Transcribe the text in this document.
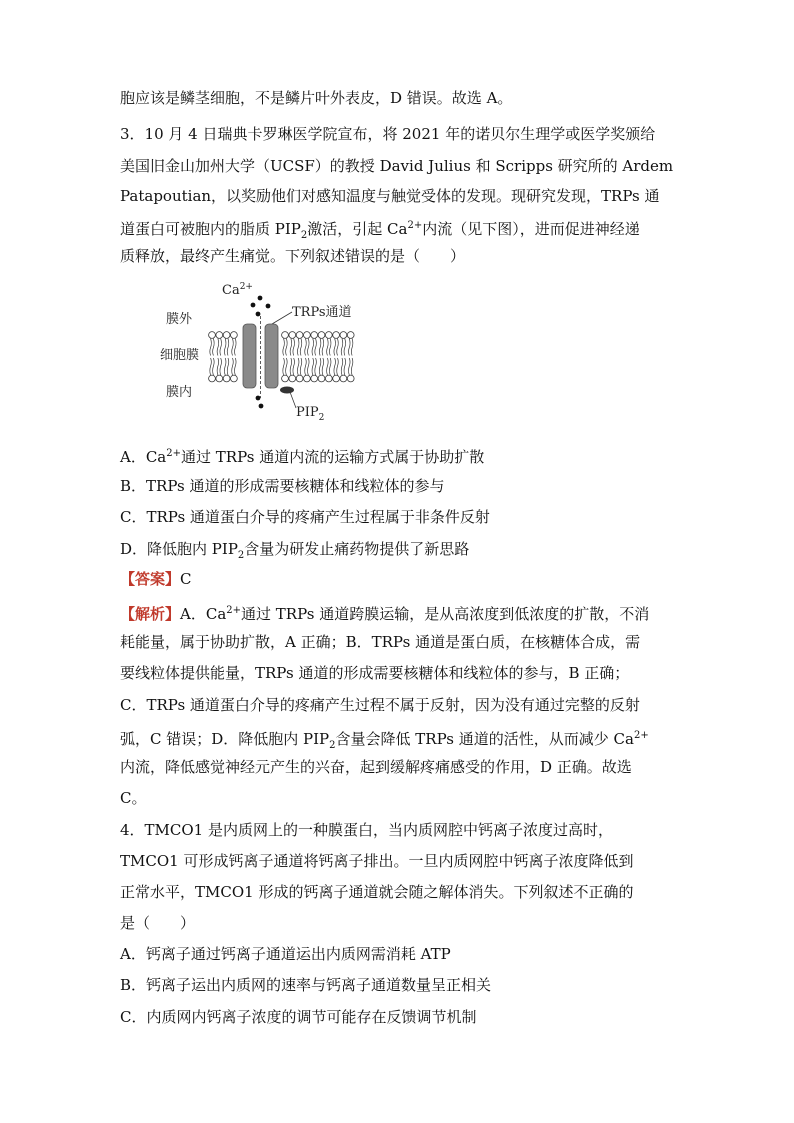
胞应该是鳞茎细胞，不是鳞片叶外表皮，D 错误。故选 A。
3．10 月 4 日瑞典卡罗琳医学院宣布，将 2021 年的诺贝尔生理学或医学奖颁给
美国旧金山加州大学（UCSF）的教授 David Julius 和 Scripps 研究所的 Ardem
Patapoutian，以奖励他们对感知温度与触觉受体的发现。现研究发现，TRPs 通
道蛋白可被胞内的脂质 $PIP_2$激活，引起 $Ca^{2+}$内流（见下图），进而促进神经递
质释放，最终产生痛觉。下列叙述错误的是（　　）
$Ca^{2+}$
膜外
细胞膜
膜内
TRPs通道
$PIP_2$
A．$Ca^{2+}$通过 TRPs 通道内流的运输方式属于协助扩散
B．TRPs 通道的形成需要核糖体和线粒体的参与
C．TRPs 通道蛋白介导的疼痛产生过程属于非条件反射
D．降低胞内 $PIP_2$含量为研发止痛药物提供了新思路
【答案】C
【解析】A．$Ca^{2+}$通过 TRPs 通道跨膜运输，是从高浓度到低浓度的扩散，不消
耗能量，属于协助扩散，A 正确；B．TRPs 通道是蛋白质，在核糖体合成，需
要线粒体提供能量，TRPs 通道的形成需要核糖体和线粒体的参与，B 正确；
C．TRPs 通道蛋白介导的疼痛产生过程不属于反射，因为没有通过完整的反射
弧，C 错误；D．降低胞内 $PIP_2$含量会降低 TRPs 通道的活性，从而减少 $Ca^{2+}$
内流，降低感觉神经元产生的兴奋，起到缓解疼痛感受的作用，D 正确。故选
C。
4．TMCO1 是内质网上的一种膜蛋白，当内质网腔中钙离子浓度过高时，
TMCO1 可形成钙离子通道将钙离子排出。一旦内质网腔中钙离子浓度降低到
正常水平，TMCO1 形成的钙离子通道就会随之解体消失。下列叙述不正确的
是（　　）
A．钙离子通过钙离子通道运出内质网需消耗 ATP
B．钙离子运出内质网的速率与钙离子通道数量呈正相关
C．内质网内钙离子浓度的调节可能存在反馈调节机制
